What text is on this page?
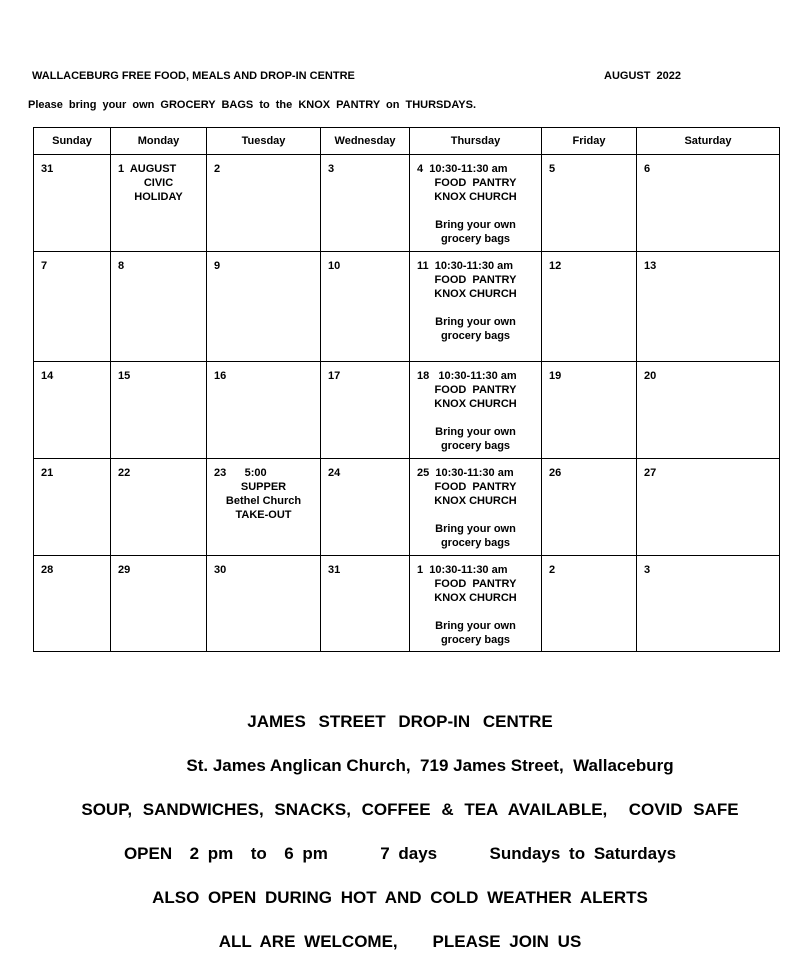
WALLACEBURG FREE FOOD, MEALS AND DROP-IN CENTRE	AUGUST  2022
Please bring your own GROCERY BAGS to the KNOX PANTRY on THURSDAYS.
Sunday	Monday	Tuesday	Wednesday	Thursday	Friday	Saturday

31	1  AUGUST
CIVIC
HOLIDAY	2	3	4  10:30-11:30 am
FOOD  PANTRY
KNOX CHURCH
Bring your own
grocery bags	5	6

7	8	9	10	11  10:30-11:30 am
FOOD  PANTRY
KNOX CHURCH
Bring your own
grocery bags	12	13

14	15	16	17	18   10:30-11:30 am
FOOD  PANTRY
KNOX CHURCH
Bring your own
grocery bags	19	20

21	22	23      5:00
SUPPER
Bethel Church
TAKE-OUT	24	25  10:30-11:30 am
FOOD  PANTRY
KNOX CHURCH
Bring your own
grocery bags	26	27

28	29	30	31	1  10:30-11:30 am
FOOD  PANTRY
KNOX CHURCH
Bring your own
grocery bags	2	3
JAMES STREET DROP-IN CENTRE
St. James Anglican Church,  719 James Street,  Wallaceburg
SOUP, SANDWICHES, SNACKS, COFFEE & TEA AVAILABLE,  COVID SAFE
OPEN  2 pm  to  6 pm      7 days      Sundays to Saturdays
ALSO OPEN DURING HOT AND COLD WEATHER ALERTS
ALL ARE WELCOME,    PLEASE JOIN US
